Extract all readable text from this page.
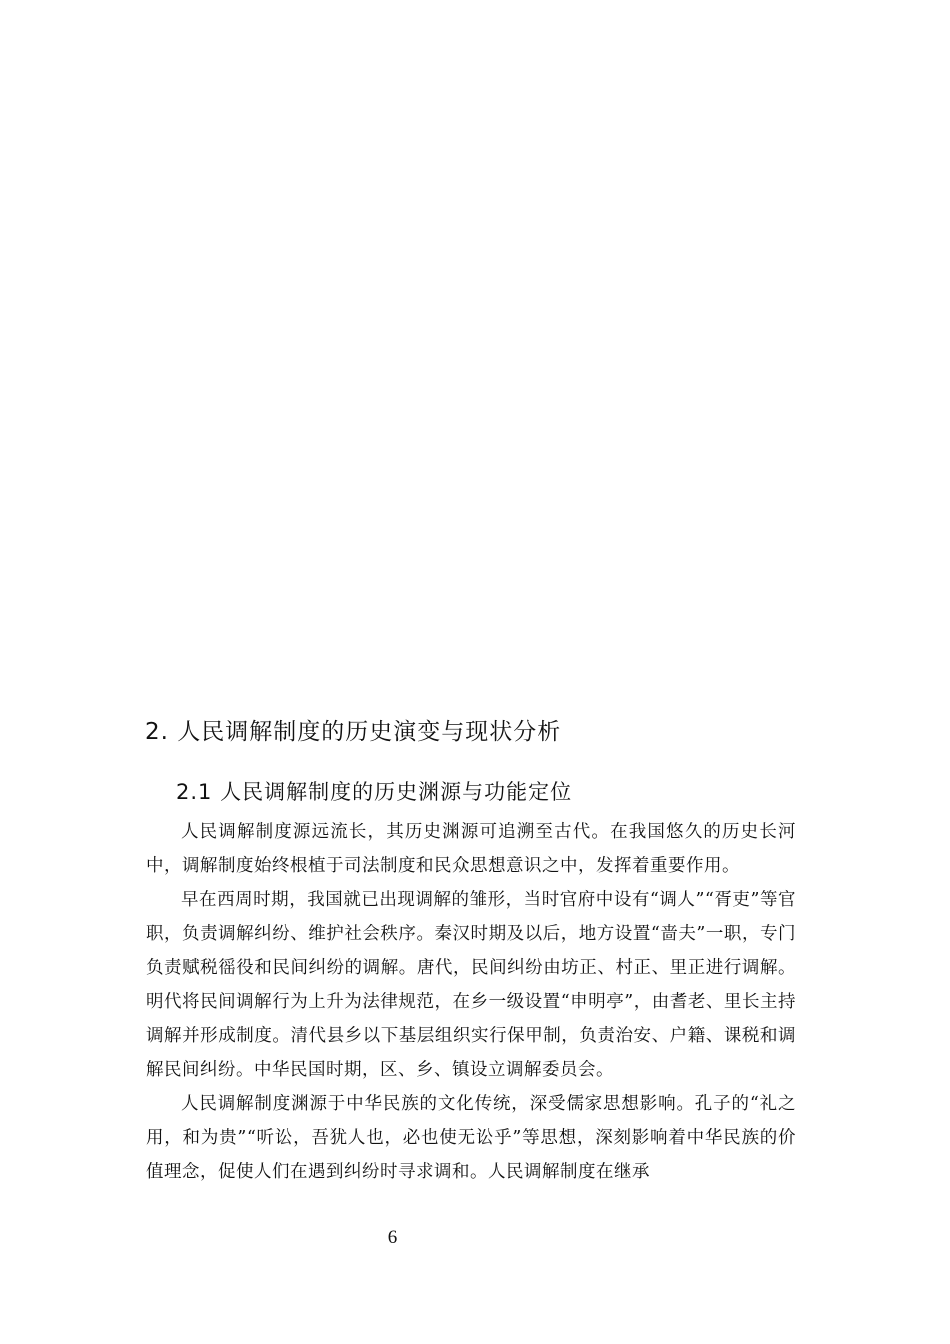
2. 人民调解制度的历史演变与现状分析
2.1 人民调解制度的历史渊源与功能定位

人民调解制度源远流长，其历史渊源可追溯至古代。在我国悠久的历史长河中，调解制度始终根植于司法制度和民众思想意识之中，发挥着重要作用。

早在西周时期，我国就已出现调解的雏形，当时官府中设有“调人”“胥吏”等官职，负责调解纠纷、维护社会秩序。秦汉时期及以后，地方设置“啬夫”一职，专门负责赋税徭役和民间纠纷的调解。唐代，民间纠纷由坊正、村正、里正进行调解。明代将民间调解行为上升为法律规范，在乡一级设置“申明亭”，由耆老、里长主持调解并形成制度。清代县乡以下基层组织实行保甲制，负责治安、户籍、课税和调解民间纠纷。中华民国时期，区、乡、镇设立调解委员会。

人民调解制度渊源于中华民族的文化传统，深受儒家思想影响。孔子的“礼之用，和为贵”“听讼，吾犹人也，必也使无讼乎”等思想，深刻影响着中华民族的价值理念，促使人们在遇到纠纷时寻求调和。人民调解制度在继承

6
